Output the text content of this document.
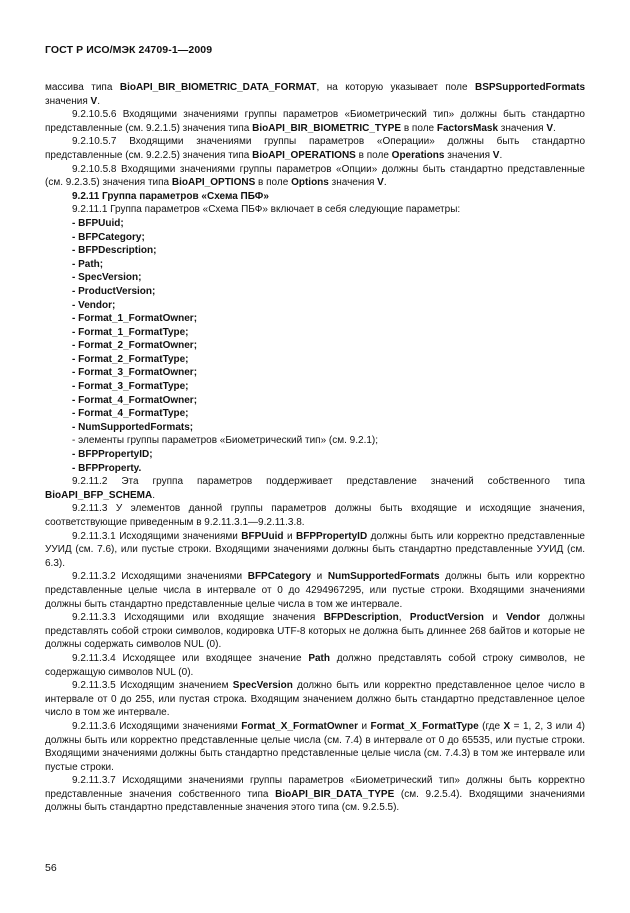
ГОСТ Р ИСО/МЭК 24709-1—2009

массива типа BioAPI_BIR_BIOMETRIC_DATA_FORMAT, на которую указывает поле BSPSupportedFormats значения V.

9.2.10.5.6 Входящими значениями группы параметров «Биометрический тип» должны быть стандартно представленные (см. 9.2.1.5) значения типа BioAPI_BIR_BIOMETRIC_TYPE в поле FactorsMask значения V.

9.2.10.5.7 Входящими значениями группы параметров «Операции» должны быть стандартно представленные (см. 9.2.2.5) значения типа BioAPI_OPERATIONS в поле Operations значения V.

9.2.10.5.8 Входящими значениями группы параметров «Опции» должны быть стандартно представленные (см. 9.2.3.5) значения типа BioAPI_OPTIONS в поле Options значения V.

9.2.11 Группа параметров «Схема ПБФ»

9.2.11.1 Группа параметров «Схема ПБФ» включает в себя следующие параметры:

- BFPUuid;

- BFPCategory;

- BFPDescription;

- Path;

- SpecVersion;

- ProductVersion;

- Vendor;

- Format_1_FormatOwner;

- Format_1_FormatType;

- Format_2_FormatOwner;

- Format_2_FormatType;

- Format_3_FormatOwner;

- Format_3_FormatType;

- Format_4_FormatOwner;

- Format_4_FormatType;

- NumSupportedFormats;

- элементы группы параметров «Биометрический тип» (см. 9.2.1);

- BFPPropertyID;

- BFPProperty.

9.2.11.2 Эта группа параметров поддерживает представление значений собственного типа BioAPI_BFP_SCHEMA.

9.2.11.3 У элементов данной группы параметров должны быть входящие и исходящие значения, соответствующие приведенным в 9.2.11.3.1—9.2.11.3.8.

9.2.11.3.1 Исходящими значениями BFPUuid и BFPPropertyID должны быть или корректно представленные УУИД (см. 7.6), или пустые строки. Входящими значениями должны быть стандартно представленные УУИД (см. 6.3).

9.2.11.3.2 Исходящими значениями BFPCategory и NumSupportedFormats должны быть или корректно представленные целые числа в интервале от 0 до 4294967295, или пустые строки. Входящими значениями должны быть стандартно представленные целые числа в том же интервале.

9.2.11.3.3 Исходящими или входящие значения BFPDescription, ProductVersion и Vendor должны представлять собой строки символов, кодировка UTF-8 которых не должна быть длиннее 268 байтов и которые не должны содержать символов NUL (0).

9.2.11.3.4 Исходящее или входящее значение Path должно представлять собой строку символов, не содержащую символов NUL (0).

9.2.11.3.5 Исходящим значением SpecVersion должно быть или корректно представленное целое число в интервале от 0 до 255, или пустая строка. Входящим значением должно быть стандартно представленное целое число в том же интервале.

9.2.11.3.6 Исходящими значениями Format_X_FormatOwner и Format_X_FormatType (где X = 1, 2, 3 или 4) должны быть или корректно представленные целые числа (см. 7.4) в интервале от 0 до 65535, или пустые строки. Входящими значениями должны быть стандартно представленные целые числа (см. 7.4.3) в том же интервале или пустые строки.

9.2.11.3.7 Исходящими значениями группы параметров «Биометрический тип» должны быть корректно представленные значения собственного типа BioAPI_BIR_DATA_TYPE (см. 9.2.5.4). Входящими значениями должны быть стандартно представленные значения этого типа (см. 9.2.5.5).

56
